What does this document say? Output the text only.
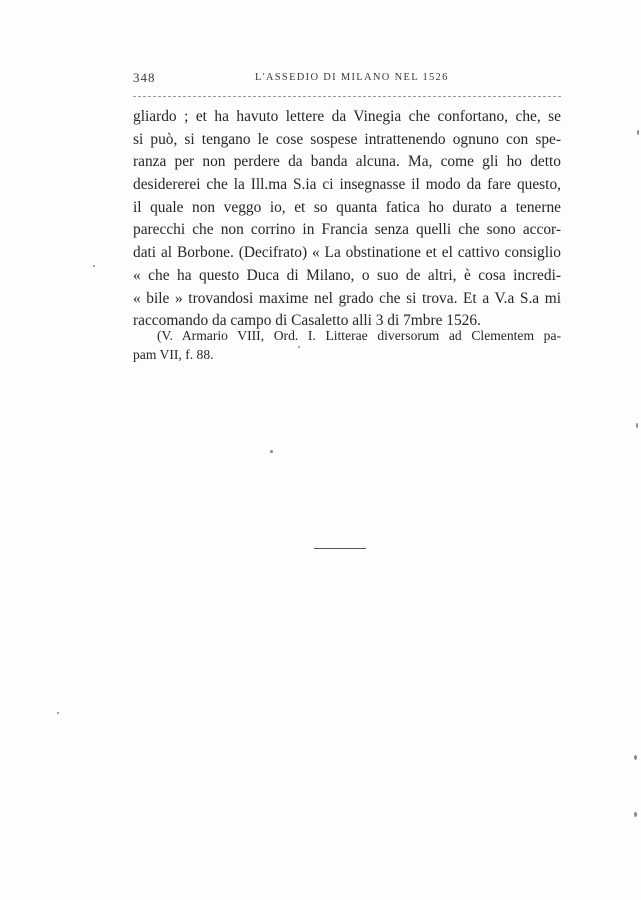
348	L'ASSEDIO DI MILANO NEL 1526
gliardo ; et ha havuto lettere da Vinegia che confortano, che, se
si può, si tengano le cose sospese intrattenendo ognuno con spe-
ranza per non perdere da banda alcuna. Ma, come gli ho detto
desidererei che la Ill.ma S.ia ci insegnasse il modo da fare questo,
il quale non veggo io, et so quanta fatica ho durato a tenerne
parecchi che non corrino in Francia senza quelli che sono accor-
dati al Borbone. (Decifrato) « La obstinatione et el cattivo consiglio
« che ha questo Duca di Milano, o suo de altri, è cosa incredi-
« bile » trovandosi maxime nel grado che si trova. Et a V.a S.a mi
raccomando da campo di Casaletto alli 3 di 7mbre 1526.
(V. Armario VIII, Ord. I. Litterae diversorum ad Clementem pa-
pam VII, f. 88.
